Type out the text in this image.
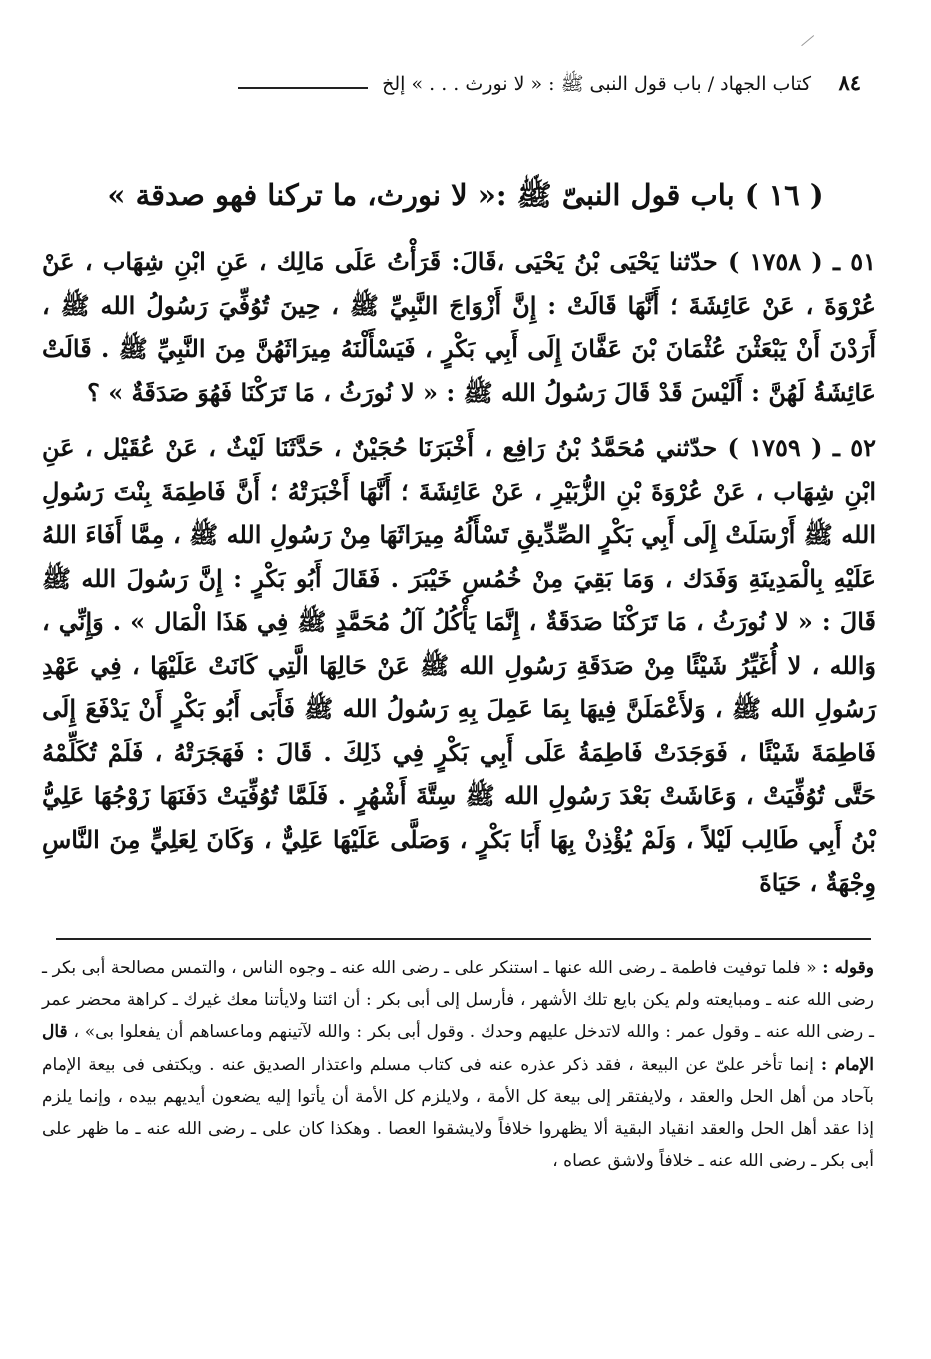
٨٤
كتاب الجهاد / باب قول النبى ﷺ : « لا نورث . . . » إلخ
( ١٦ ) باب قول النبىّ ﷺ :« لا نورث، ما تركنا فهو صدقة »

٥١ ـ ( ١٧٥٨ ) حدّثنا يَحْيَى بْنُ يَحْيَى ،قَالَ: قَرَأْتُ عَلَى مَالِك ، عَنِ ابْنِ شِهَاب ، عَنْ عُرْوَةَ ، عَنْ عَائِشَةَ ؛ أَنَّهَا قَالَتْ : إِنَّ أَزْوَاجَ النَّبِيِّ ﷺ ، حِينَ تُوُفِّيَ رَسُولُ الله ﷺ ، أَرَدْنَ أَنْ يَبْعَثْنَ عُثْمَانَ بْنَ عَفَّانَ إِلَى أَبِي بَكْرٍ ، فَيَسْأَلْنَهُ مِيرَاثَهُنَّ مِنَ النَّبِيِّ ﷺ . قَالَتْ عَائِشَةُ لَهُنَّ : أَلَيْسَ قَدْ قَالَ رَسُولُ الله ﷺ : « لا نُورَثُ ، مَا تَرَكْنَا فَهُوَ صَدَقَةٌ » ؟

٥٢ ـ ( ١٧٥٩ ) حدّثني مُحَمَّدُ بْنُ رَافِع ، أَخْبَرَنَا حُجَيْنٌ ، حَدَّثَنَا لَيْثٌ ، عَنْ عُقَيْل ، عَنِ ابْنِ شِهَاب ، عَنْ عُرْوَةَ بْنِ الزُّبَيْرِ ، عَنْ عَائِشَةَ ؛ أَنَّهَا أَخْبَرَتْهُ ؛ أَنَّ فَاطِمَةَ بِنْتَ رَسُولِ الله ﷺ أَرْسَلَتْ إِلَى أَبِي بَكْرٍ الصِّدِّيقِ تَسْأَلُهُ مِيرَاثَهَا مِنْ رَسُولِ الله ﷺ ، مِمَّا أَفَاءَ اللهُ عَلَيْهِ بِالْمَدِينَةِ وَفَدَك ، وَمَا بَقِيَ مِنْ خُمُسِ خَيْبَرَ . فَقَالَ أَبُو بَكْرٍ : إِنَّ رَسُولَ الله ﷺ قَالَ : « لا نُورَثُ ، مَا تَرَكْنَا صَدَقَةٌ ، إِنَّمَا يَأْكُلُ آلُ مُحَمَّدٍ ﷺ فِي هَذَا الْمَال » . وَإِنِّي ، وَالله ، لا أُغَيِّرُ شَيْئًا مِنْ صَدَقَةِ رَسُولِ الله ﷺ عَنْ حَالِهَا الَّتِي كَانَتْ عَلَيْهَا ، فِي عَهْدِ رَسُولِ الله ﷺ ، وَلأَعْمَلَنَّ فِيهَا بِمَا عَمِلَ بِهِ رَسُولُ الله ﷺ فَأَبَى أَبُو بَكْرٍ أَنْ يَدْفَعَ إِلَى فَاطِمَةَ شَيْئًا ، فَوَجَدَتْ فَاطِمَةُ عَلَى أَبِي بَكْرٍ فِي ذَلِكَ . قَالَ : فَهَجَرَتْهُ ، فَلَمْ تُكَلِّمْهُ حَتَّى تُوُفِّيَتْ ، وَعَاشَتْ بَعْدَ رَسُولِ الله ﷺ سِتَّةَ أَشْهُرٍ . فَلَمَّا تُوُفِّيَتْ دَفَنَهَا زَوْجُهَا عَلِيُّ بْنُ أَبِي طَالِب لَيْلاً ، وَلَمْ يُؤْذِنْ بِهَا أَبَا بَكْرٍ ، وَصَلَّى عَلَيْهَا عَلِيٌّ ، وَكَانَ لِعَلِيٍّ مِنَ النَّاسِ وِجْهَةٌ ، حَيَاةَ

وقوله : « فلما توفيت فاطمة ـ رضى الله عنها ـ استنكر على ـ رضى الله عنه ـ وجوه الناس ، والتمس مصالحة أبى بكر ـ رضى الله عنه ـ ومبايعته ولم يكن بايع تلك الأشهر ، فأرسل إلى أبى بكر : أن ائتنا ولايأتنا معك غيرك ـ كراهة محضر عمر ـ رضى الله عنه ـ وقول عمر : والله لاتدخل عليهم وحدك . وقول أبى بكر : والله لآتينهم وماعساهم أن يفعلوا بى» ، قال الإمام : إنما تأخر علىّ عن البيعة ، فقد ذكر عذره عنه فى كتاب مسلم واعتذار الصديق عنه . ويكتفى فى بيعة الإمام بآحاد من أهل الحل والعقد ، ولايفتقر إلى بيعة كل الأمة ، ولايلزم كل الأمة أن يأتوا إليه يضعون أيديهم بيده ، وإنما يلزم إذا عقد أهل الحل والعقد انقياد البقية ألا يظهروا خلافاً ولايشقوا العصا . وهكذا كان على ـ رضى الله عنه ـ ما ظهر على أبى بكر ـ رضى الله عنه ـ خلافاً ولاشق عصاه ،
